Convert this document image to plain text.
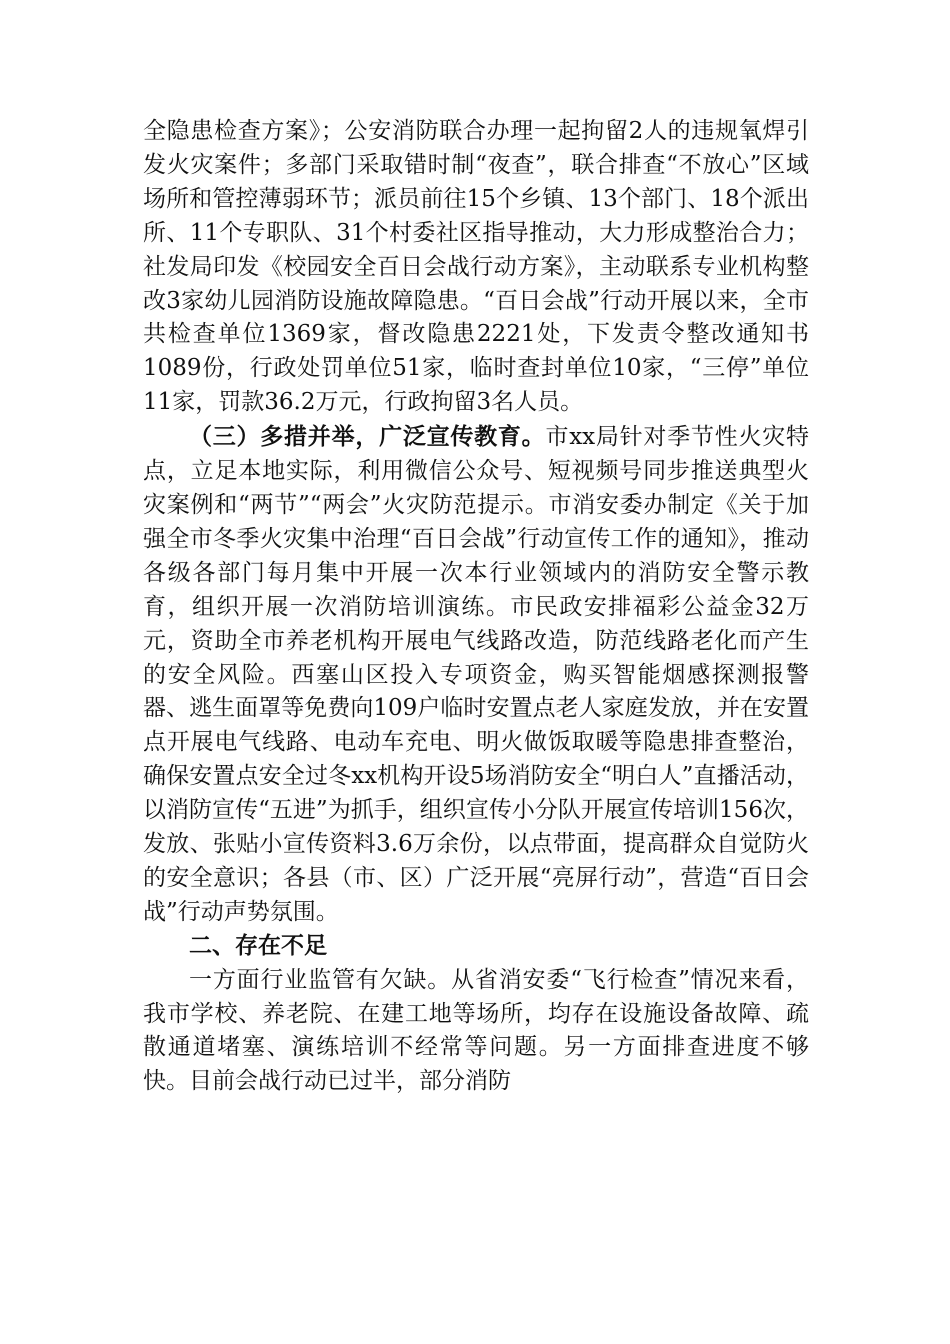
全隐患检查方案》；公安消防联合办理一起拘留2人的违规氧焊引发火灾案件；多部门采取错时制“夜查”，联合排查“不放心”区域场所和管控薄弱环节；派员前往15个乡镇、13个部门、18个派出所、11个专职队、31个村委社区指导推动，大力形成整治合力；社发局印发《校园安全百日会战行动方案》，主动联系专业机构整改3家幼儿园消防设施故障隐患。“百日会战”行动开展以来，全市共检查单位1369家，督改隐患2221处，下发责令整改通知书1089份，行政处罚单位51家，临时查封单位10家，“三停”单位11家，罚款36.2万元，行政拘留3名人员。

（三）多措并举，广泛宣传教育。市xx局针对季节性火灾特点，立足本地实际，利用微信公众号、短视频号同步推送典型火灾案例和“两节”“两会”火灾防范提示。市消安委办制定《关于加强全市冬季火灾集中治理“百日会战”行动宣传工作的通知》，推动各级各部门每月集中开展一次本行业领域内的消防安全警示教育，组织开展一次消防培训演练。市民政安排福彩公益金32万元，资助全市养老机构开展电气线路改造，防范线路老化而产生的安全风险。西塞山区投入专项资金，购买智能烟感探测报警器、逃生面罩等免费向109户临时安置点老人家庭发放，并在安置点开展电气线路、电动车充电、明火做饭取暖等隐患排查整治，确保安置点安全过冬xx机构开设5场消防安全“明白人”直播活动，以消防宣传“五进”为抓手，组织宣传小分队开展宣传培训156次，发放、张贴小宣传资料3.6万余份，以点带面，提高群众自觉防火的安全意识；各县（市、区）广泛开展“亮屏行动”，营造“百日会战”行动声势氛围。

二、存在不足

一方面行业监管有欠缺。从省消安委“飞行检查”情况来看，我市学校、养老院、在建工地等场所，均存在设施设备故障、疏散通道堵塞、演练培训不经常等问题。另一方面排查进度不够快。目前会战行动已过半，部分消防
